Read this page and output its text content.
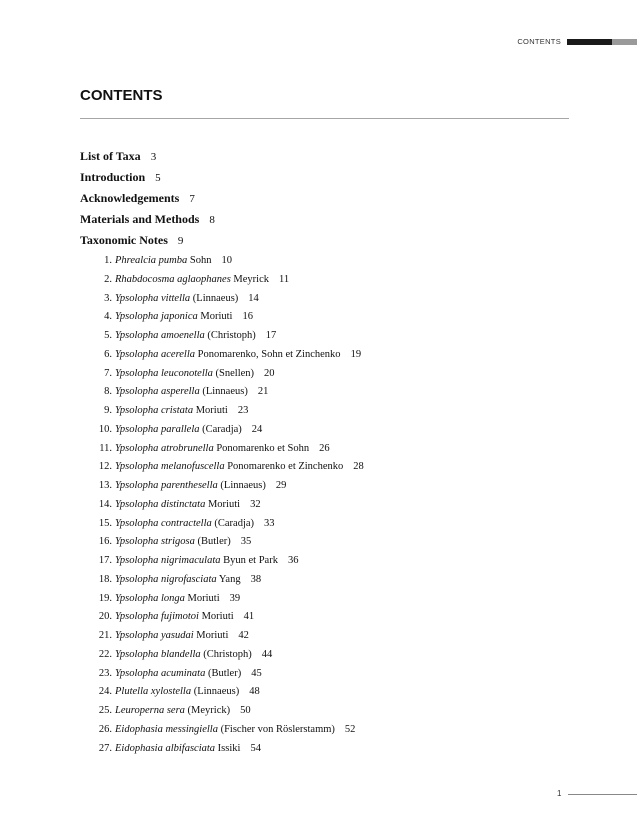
CONTENTS
CONTENTS
List of Taxa 3
Introduction 5
Acknowledgements 7
Materials and Methods 8
Taxonomic Notes 9
1. Phrealcia pumba Sohn 10
2. Rhabdocosma aglaophanes Meyrick 11
3. Ypsolopha vittella (Linnaeus) 14
4. Ypsolopha japonica Moriuti 16
5. Ypsolopha amoenella (Christoph) 17
6. Ypsolopha acerella Ponomarenko, Sohn et Zinchenko 19
7. Ypsolopha leuconotella (Snellen) 20
8. Ypsolopha asperella (Linnaeus) 21
9. Ypsolopha cristata Moriuti 23
10. Ypsolopha parallela (Caradja) 24
11. Ypsolopha atrobrunella Ponomarenko et Sohn 26
12. Ypsolopha melanofuscella Ponomarenko et Zinchenko 28
13. Ypsolopha parenthesella (Linnaeus) 29
14. Ypsolopha distinctata Moriuti 32
15. Ypsolopha contractella (Caradja) 33
16. Ypsolopha strigosa (Butler) 35
17. Ypsolopha nigrimaculata Byun et Park 36
18. Ypsolopha nigrofasciata Yang 38
19. Ypsolopha longa Moriuti 39
20. Ypsolopha fujimotoi Moriuti 41
21. Ypsolopha yasudai Moriuti 42
22. Ypsolopha blandella (Christoph) 44
23. Ypsolopha acuminata (Butler) 45
24. Plutella xylostella (Linnaeus) 48
25. Leuroperna sera (Meyrick) 50
26. Eidophasia messingiella (Fischer von Röslerstamm) 52
27. Eidophasia albifasciata Issiki 54
1
